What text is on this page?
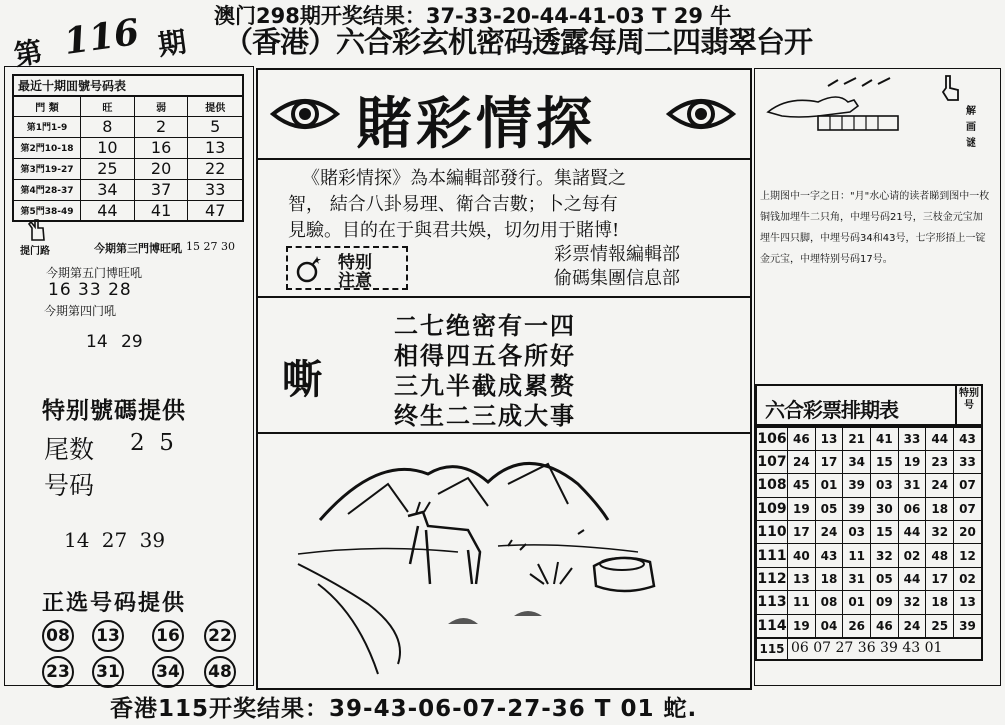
第 116 期
澳门298期开奖结果：37-33-20-44-41-03 T 29 牛
（香港）六合彩玄机密码透露每周二四翡翠台开
最近十期囬號号码表
門 類	旺	弱	提供
第1門1-9	8	2	5
第2門10-18	10	16	13
第3門19-27	25	20	22
第4門28-37	34	37	33
第5門38-49	44	41	47
提门路	今期第三門博旺吼 15 27 30
今期第五门博旺吼
16 33 28
今期第四门吼
14 29
特别號碼提供
尾数 2  5
号码
14 27 39
正选号码提供
08 13 16 22
23 31 34 48
賭彩情探
《賭彩情探》為本編輯部發行。集諸賢之
智， 結合八卦易理、衛合吉數；卜之每有
見驗。目的在于與君共娛，切勿用于賭博!
特别
注意
彩票情報編輯部
偷碼集團信息部
嘶
二七绝密有一四
相得四五各所好
三九半截成累赘
终生二三成大事
解
画
谜
上期图中一字之日："月"水心请的读者睇到图中一枚铜钱加埋牛二只角，中埋号码21号，三枝金元宝加埋牛四只脚，中埋号码34和43号，七字形捂上一锭金元宝，中埋特别号码17号。
六合彩票排期表
特别号
106	46	13	21	41	33	44	43
107	24	17	34	15	19	23	33
108	45	01	39	03	31	24	07
109	19	05	39	30	06	18	07
110	17	24	03	15	44	32	20
111	40	43	11	32	02	48	12
112	13	18	31	05	44	17	02
113	11	08	01	09	32	18	13
114	19	04	26	46	24	25	39
115 06 07 27 36 39 43 01
香港115开奖结果：39-43-06-07-27-36 T 01 蛇.
